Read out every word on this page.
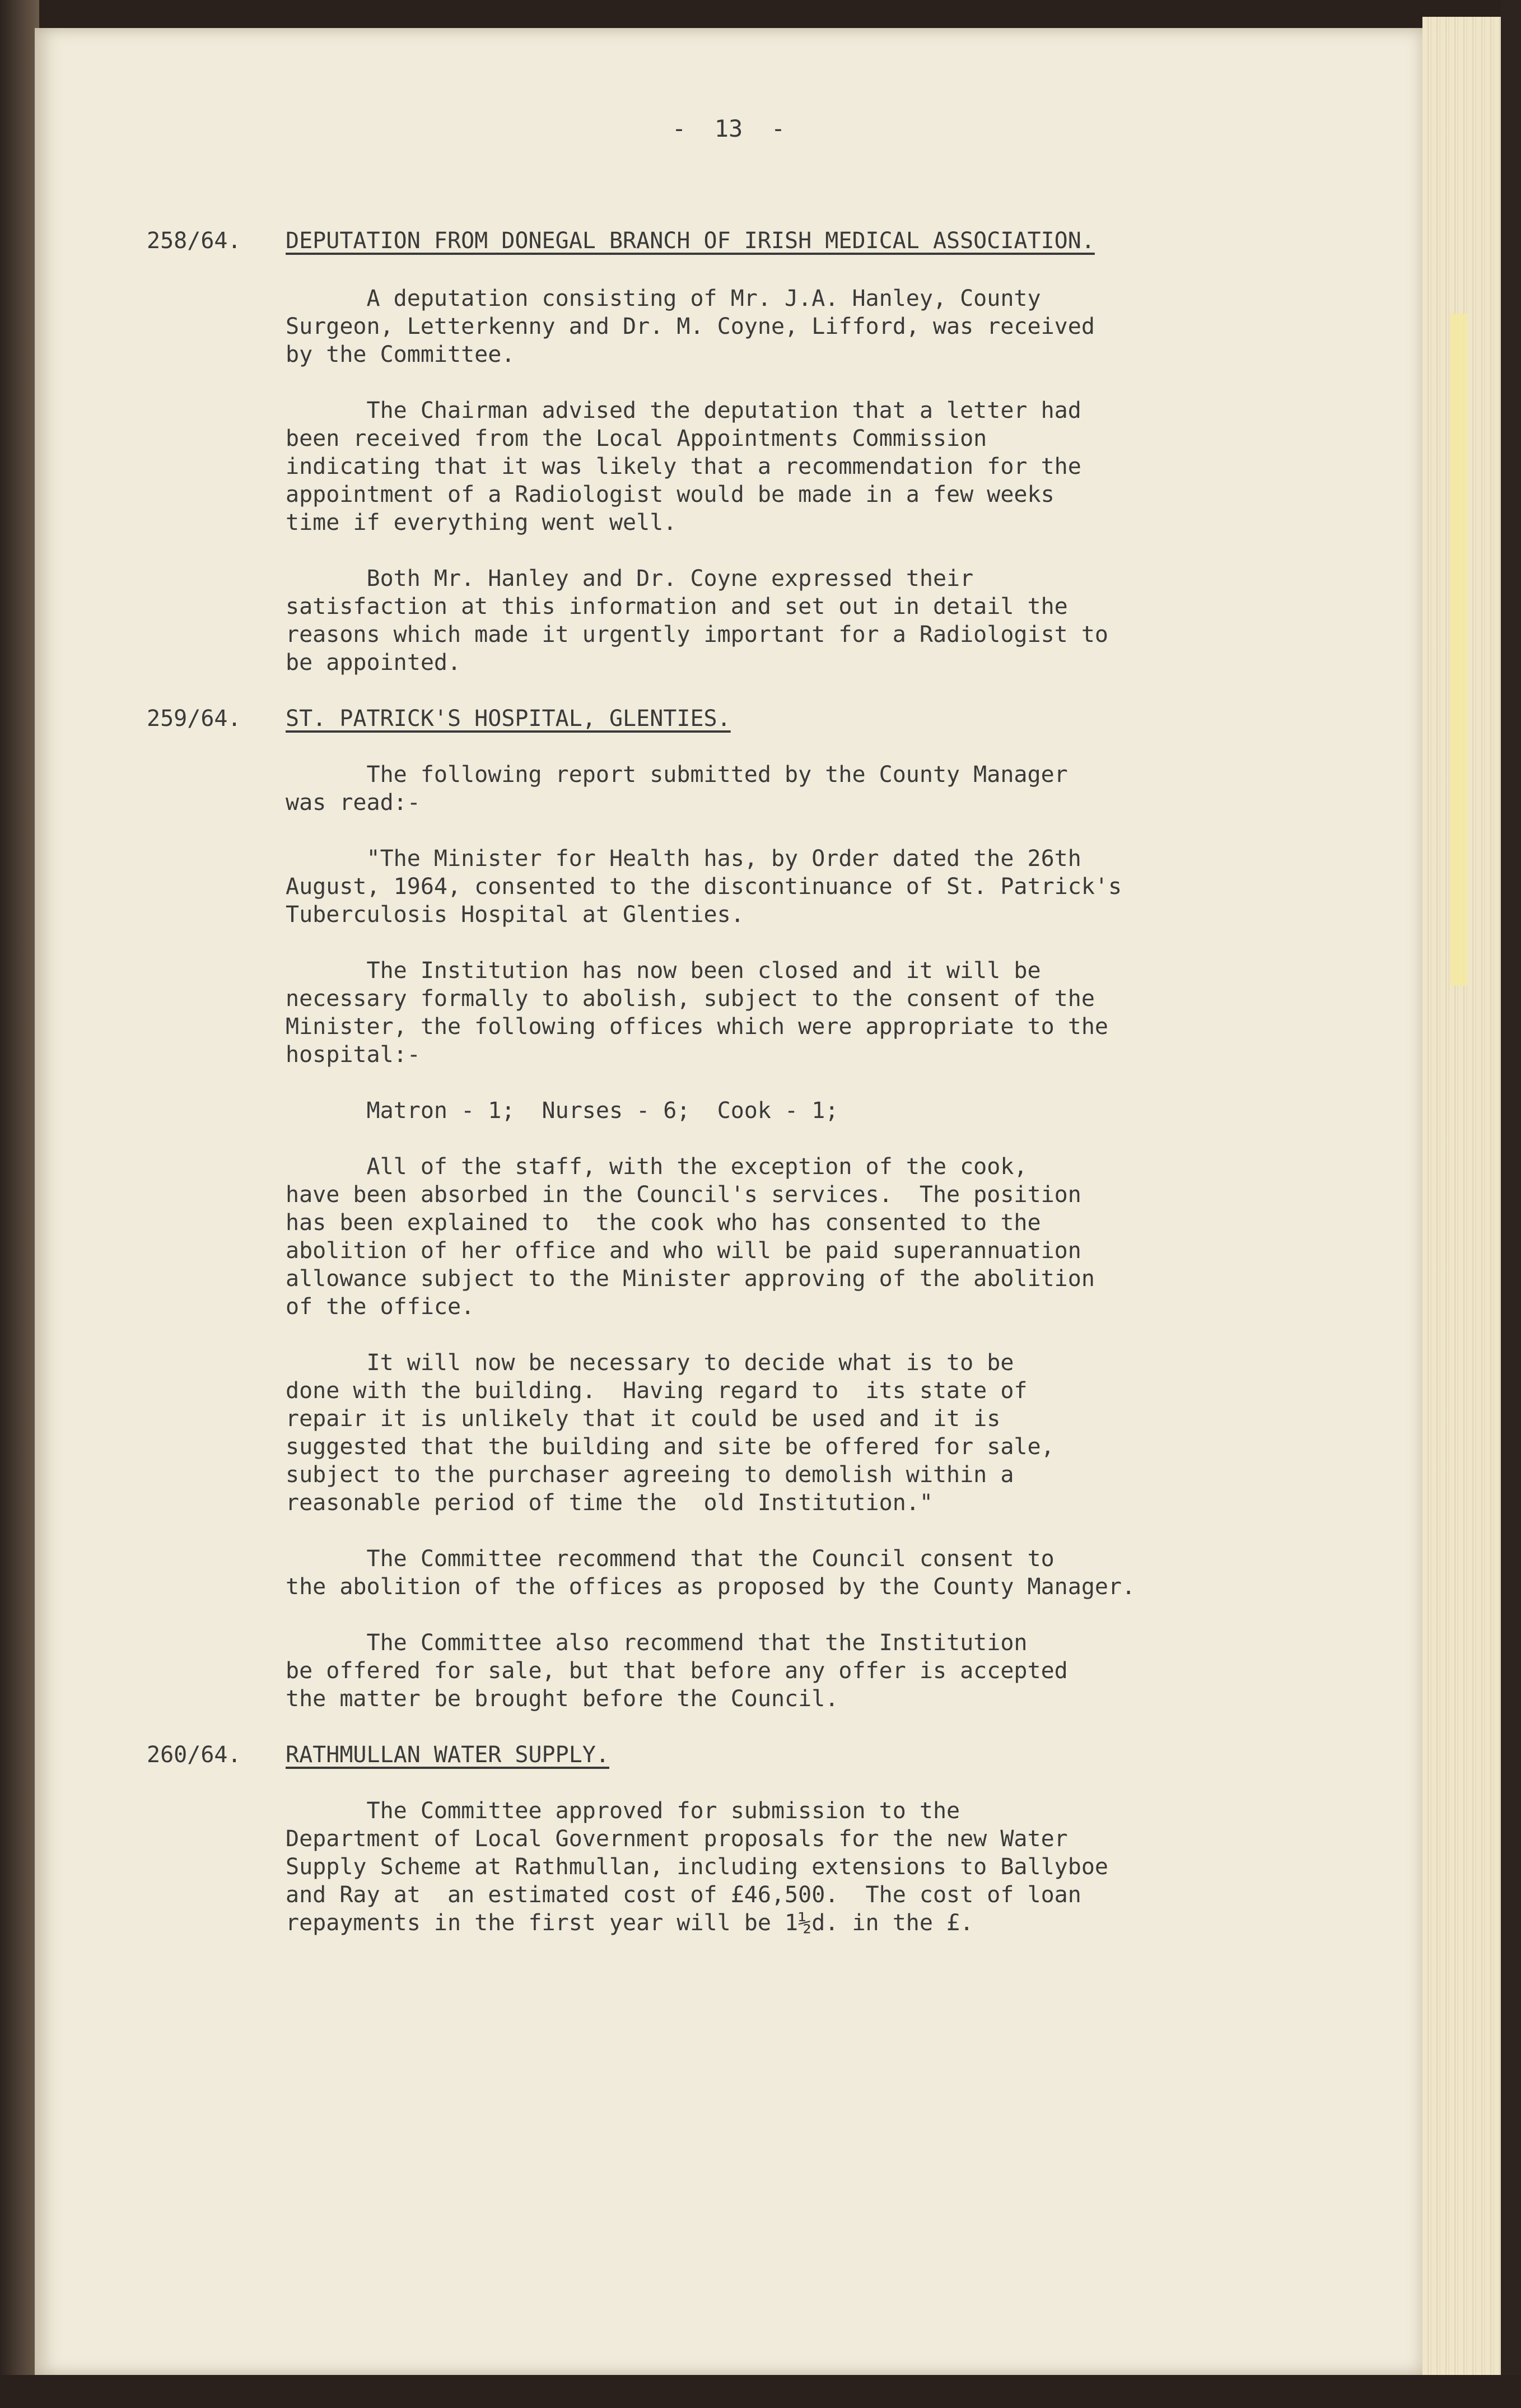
-  13  -
258/64.	DEPUTATION FROM DONEGAL BRANCH OF IRISH MEDICAL ASSOCIATION.
A deputation consisting of Mr. J.A. Hanley, County
Surgeon, Letterkenny and Dr. M. Coyne, Lifford, was received
by the Committee.
The Chairman advised the deputation that a letter had
been received from the Local Appointments Commission
indicating that it was likely that a recommendation for the
appointment of a Radiologist would be made in a few weeks
time if everything went well.
Both Mr. Hanley and Dr. Coyne expressed their
satisfaction at this information and set out in detail the
reasons which made it urgently important for a Radiologist to
be appointed.
259/64.	ST. PATRICK'S HOSPITAL, GLENTIES.
The following report submitted by the County Manager
was read:-
"The Minister for Health has, by Order dated the 26th
August, 1964, consented to the discontinuance of St. Patrick's
Tuberculosis Hospital at Glenties.
The Institution has now been closed and it will be
necessary formally to abolish, subject to the consent of the
Minister, the following offices which were appropriate to the
hospital:-
Matron - 1;  Nurses - 6;  Cook - 1;
All of the staff, with the exception of the cook,
have been absorbed in the Council's services.  The position
has been explained to  the cook who has consented to the
abolition of her office and who will be paid superannuation
allowance subject to the Minister approving of the abolition
of the office.
It will now be necessary to decide what is to be
done with the building.  Having regard to  its state of
repair it is unlikely that it could be used and it is
suggested that the building and site be offered for sale,
subject to the purchaser agreeing to demolish within a
reasonable period of time the  old Institution."
The Committee recommend that the Council consent to
the abolition of the offices as proposed by the County Manager.
The Committee also recommend that the Institution
be offered for sale, but that before any offer is accepted
the matter be brought before the Council.
260/64.	RATHMULLAN WATER SUPPLY.
The Committee approved for submission to the
Department of Local Government proposals for the new Water
Supply Scheme at Rathmullan, including extensions to Ballyboe
and Ray at  an estimated cost of £46,500.  The cost of loan
repayments in the first year will be 1½d. in the £.
